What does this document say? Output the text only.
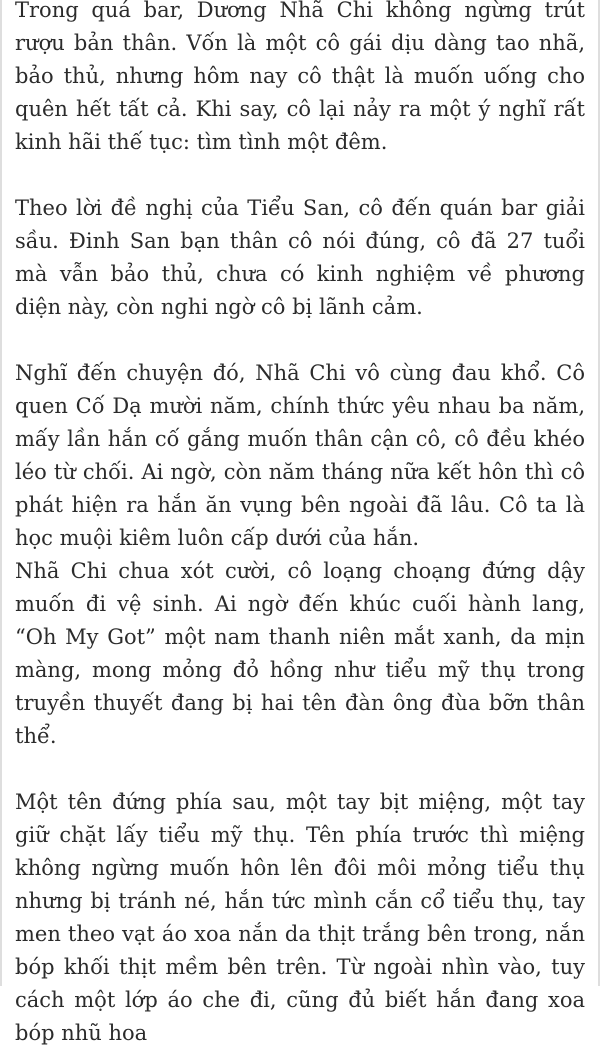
Trong quá bar, Dương Nhã Chi không ngừng trút rượu bản thân. Vốn là một cô gái dịu dàng tao nhã, bảo thủ, nhưng hôm nay cô thật là muốn uống cho quên hết tất cả. Khi say, cô lại nảy ra một ý nghĩ rất kinh hãi thế tục: tìm tình một đêm.

Theo lời đề nghị của Tiểu San, cô đến quán bar giải sầu. Đinh San bạn thân cô nói đúng, cô đã 27 tuổi mà vẫn bảo thủ, chưa có kinh nghiệm về phương diện này, còn nghi ngờ cô bị lãnh cảm.

Nghĩ đến chuyện đó, Nhã Chi vô cùng đau khổ. Cô quen Cố Dạ mười năm, chính thức yêu nhau ba năm, mấy lần hắn cố gắng muốn thân cận cô, cô đều khéo léo từ chối. Ai ngờ, còn năm tháng nữa kết hôn thì cô phát hiện ra hắn ăn vụng bên ngoài đã lâu. Cô ta là học muội kiêm luôn cấp dưới của hắn.

Nhã Chi chua xót cười, cô loạng choạng đứng dậy muốn đi vệ sinh. Ai ngờ đến khúc cuối hành lang, “Oh My Got” một nam thanh niên mắt xanh, da mịn màng, mong mỏng đỏ hồng như tiểu mỹ thụ trong truyền thuyết đang bị hai tên đàn ông đùa bỡn thân thể.

Một tên đứng phía sau, một tay bịt miệng, một tay giữ chặt lấy tiểu mỹ thụ. Tên phía trước thì miệng không ngừng muốn hôn lên đôi môi mỏng tiểu thụ nhưng bị tránh né, hắn tức mình cắn cổ tiểu thụ, tay men theo vạt áo xoa nắn da thịt trắng bên trong, nắn bóp khối thịt mềm bên trên. Từ ngoài nhìn vào, tuy cách một lớp áo che đi, cũng đủ biết hắn đang xoa bóp nhũ hoa
